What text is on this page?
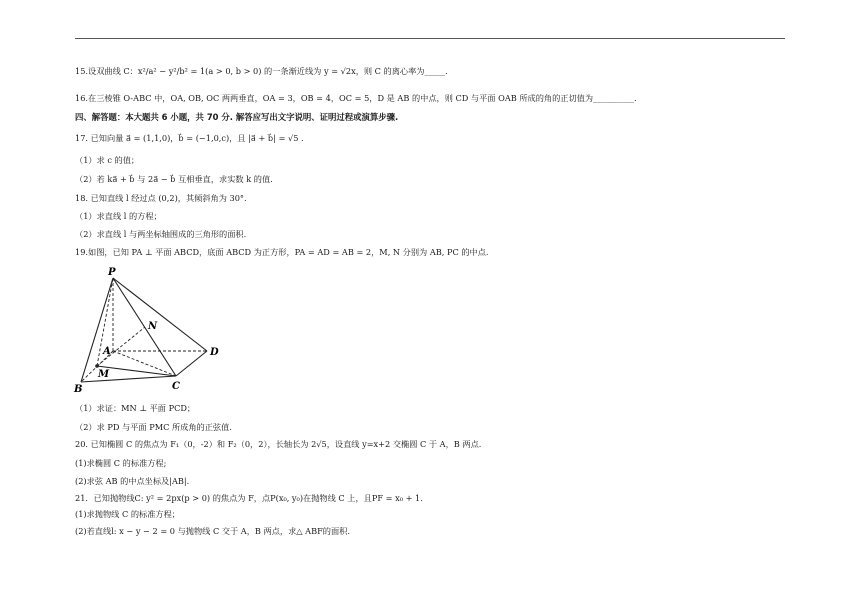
15.设双曲线 C：x²/a² − y²/b² = 1(a > 0, b > 0) 的一条渐近线为 y = √2x，则 C 的离心率为_____.
16.在三棱锥 O-ABC 中，OA, OB, OC 两两垂直，OA = 3，OB = 4，OC = 5，D 是 AB 的中点，则 CD 与平面 OAB 所成的角的正切值为__________.
四、解答题：本大题共 6 小题，共 70 分. 解答应写出文字说明、证明过程或演算步骤.
17. 已知向量 a⃗ = (1,1,0)，b⃗ = (−1,0,c)，且 |a⃗ + b⃗| = √5 .
（1）求 c 的值；
（2）若 ka⃗ + b⃗ 与 2a⃗ − b⃗ 互相垂直，求实数 k 的值.
18. 已知直线 l 经过点 (0,2)，其倾斜角为 30°.
（1）求直线 l 的方程；
（2）求直线 l 与两坐标轴围成的三角形的面积.
19.如图，已知 PA ⊥ 平面 ABCD，底面 ABCD 为正方形，PA = AD = AB = 2，M, N 分别为 AB, PC 的中点.
P
N
A	D
M
B	C
（1）求证：MN ⊥ 平面 PCD；
（2）求 PD 与平面 PMC 所成角的正弦值.
20. 已知椭圆 C 的焦点为 F₁（0，-2）和 F₂（0，2），长轴长为 2√5，设直线 y=x+2 交椭圆 C 于 A，B 两点.
(1)求椭圆 C 的标准方程;
(2)求弦 AB 的中点坐标及|AB|.
21．已知抛物线C: y² = 2px(p > 0) 的焦点为 F，点P(x₀, y₀)在抛物线 C 上，且PF = x₀ + 1.
(1)求抛物线 C 的标准方程；
(2)若直线l: x − y − 2 = 0 与抛物线 C 交于 A，B 两点，求△ ABF的面积.
